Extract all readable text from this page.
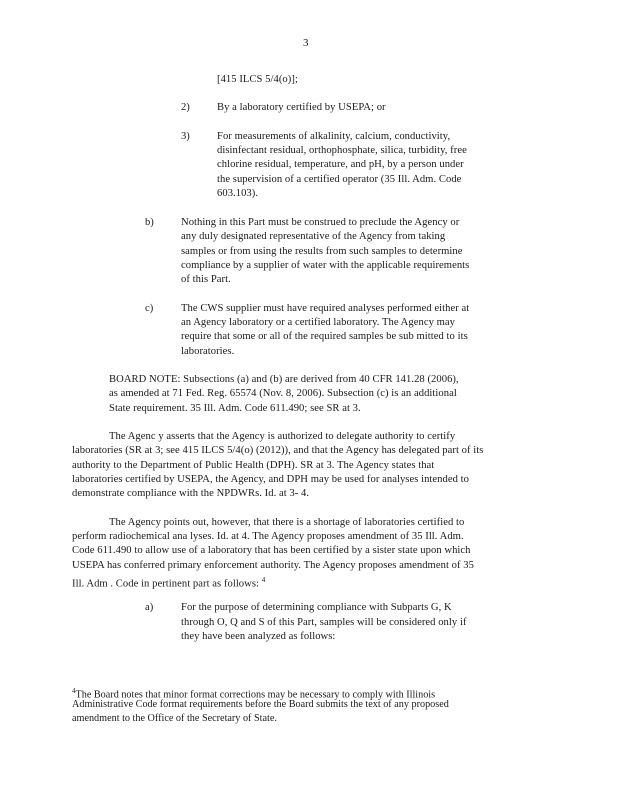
3
[415 ILCS 5/4(o)];
2)	By a laboratory certified by USEPA; or
3)	For measurements of alkalinity, calcium, conductivity,
disinfectant residual, orthophosphate, silica, turbidity, free
chlorine residual, temperature, and pH, by a person under
the supervision of a certified operator (35 Ill. Adm. Code
603.103).
b)	Nothing in this Part must be construed to preclude the Agency or
any duly designated representative of the Agency from taking
samples or from using the results from such samples to determine
compliance by a supplier of water with the applicable requirements
of this Part.
c)	The CWS supplier must have required analyses performed either at
an Agency laboratory or a certified laboratory. The Agency may
require that some or all of the required samples be sub mitted to its
laboratories.
BOARD NOTE: Subsections (a) and (b) are derived from 40 CFR 141.28 (2006),
as amended at 71 Fed. Reg. 65574 (Nov. 8, 2006). Subsection (c) is an additional
State requirement. 35 Ill. Adm. Code 611.490; see SR at 3.
The Agenc y asserts that the Agency is authorized to delegate authority to certify
laboratories (SR at 3; see 415 ILCS 5/4(o) (2012)), and that the Agency has delegated part of its
authority to the Department of Public Health (DPH). SR at 3. The Agency states that
laboratories certified by USEPA, the Agency, and DPH may be used for analyses intended to
demonstrate compliance with the NPDWRs. Id. at 3- 4.
The Agency points out, however, that there is a shortage of laboratories certified to
perform radiochemical ana lyses. Id. at 4. The Agency proposes amendment of 35 Ill. Adm.
Code 611.490 to allow use of a laboratory that has been certified by a sister state upon which
USEPA has conferred primary enforcement authority. The Agency proposes amendment of 35
Ill. Adm . Code in pertinent part as follows: $^4$
a)	For the purpose of determining compliance with Subparts G, K
through O, Q and S of this Part, samples will be considered only if
they have been analyzed as follows:
$^4$The Board notes that minor format corrections may be necessary to comply with Illinois
Administrative Code format requirements before the Board submits the text of any proposed
amendment to the Office of the Secretary of State.
